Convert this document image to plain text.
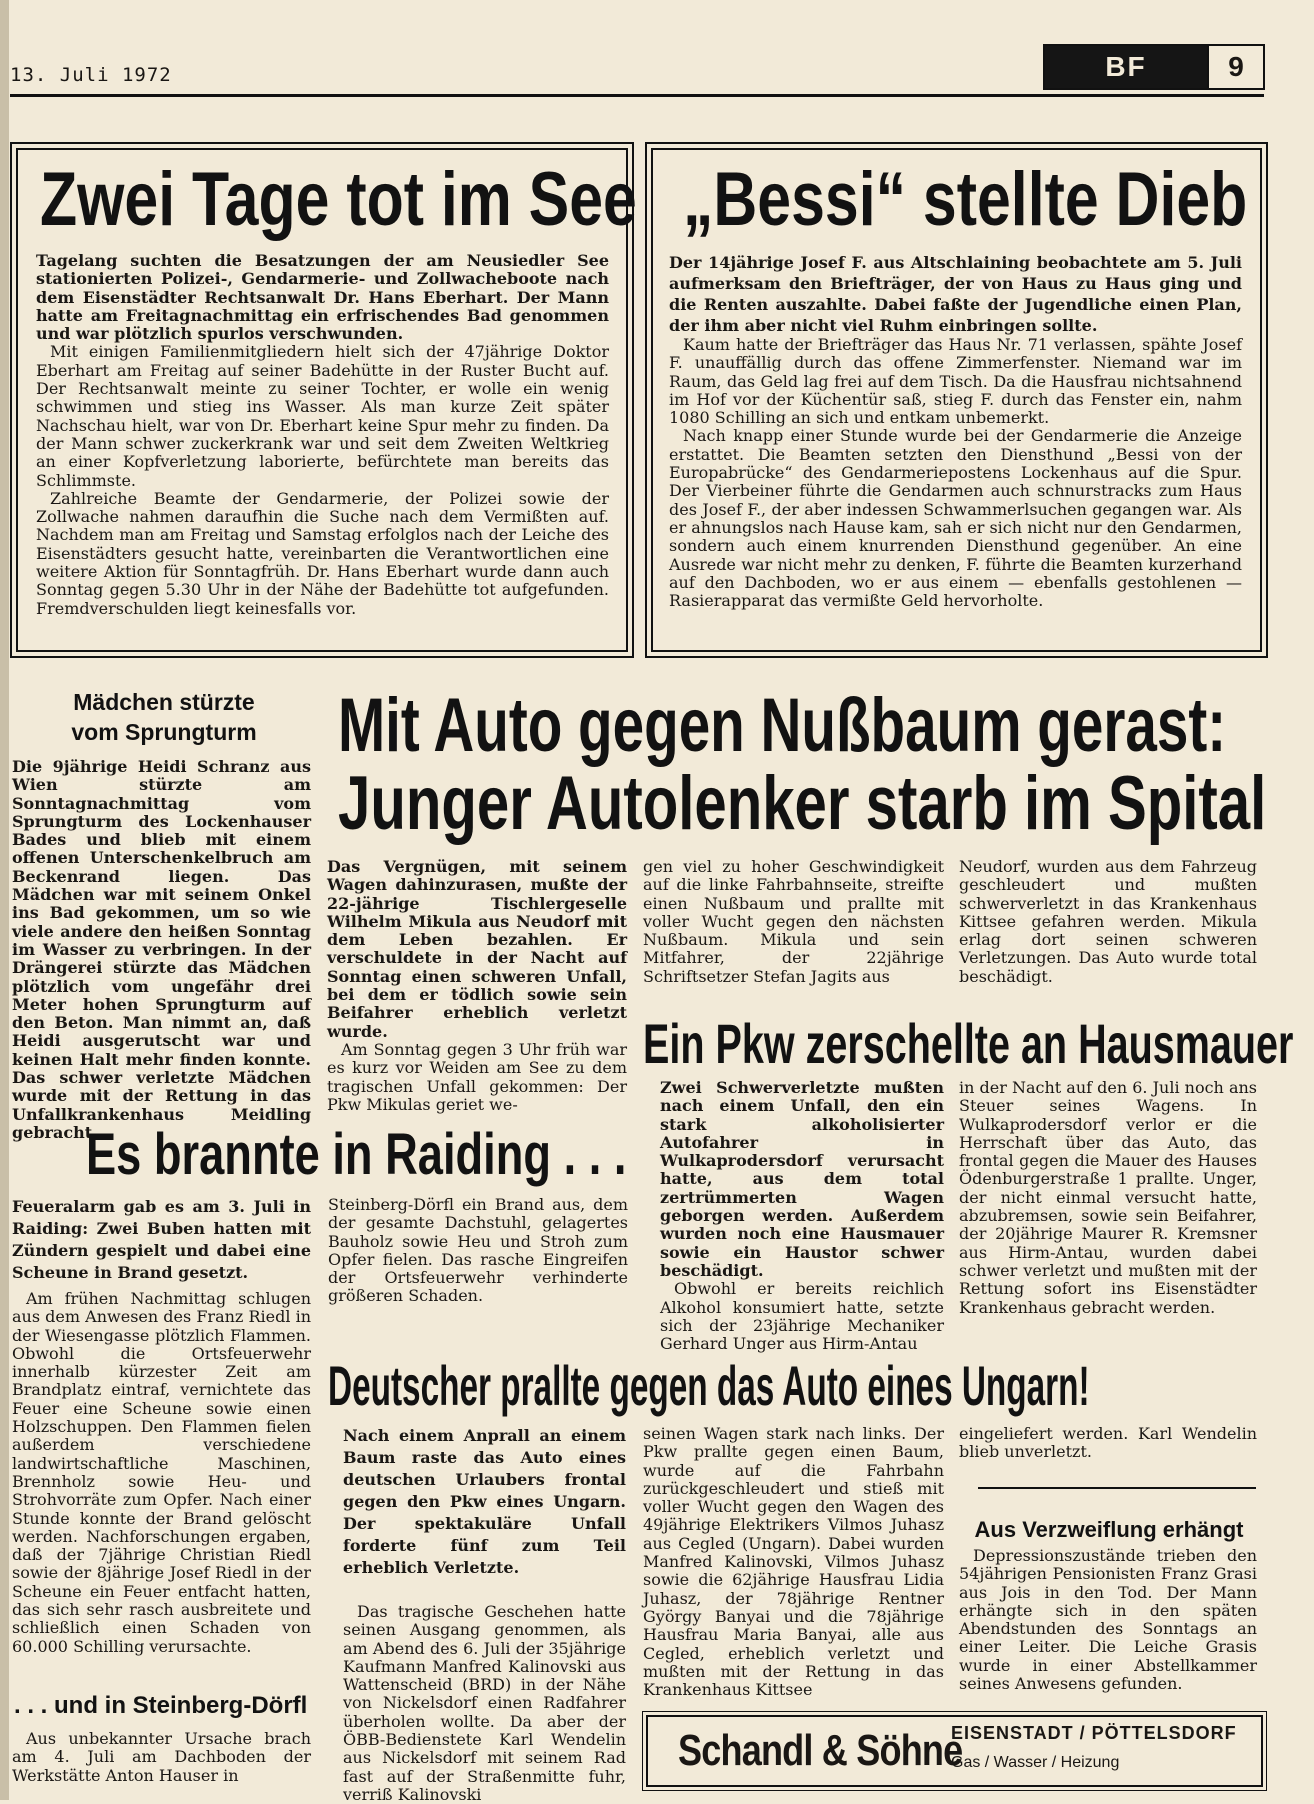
13. Juli 1972	BF	9
Zwei Tage tot im See

Tagelang suchten die Besatzungen der am Neusiedler See stationierten Polizei-, Gendarmerie- und Zollwacheboote nach dem Eisenstädter Rechtsanwalt Dr. Hans Eberhart. Der Mann hatte am Freitagnachmittag ein erfrischendes Bad genommen und war plötzlich spurlos verschwunden.

Mit einigen Familienmitgliedern hielt sich der 47jährige Doktor Eberhart am Freitag auf seiner Badehütte in der Ruster Bucht auf. Der Rechtsanwalt meinte zu seiner Tochter, er wolle ein wenig schwimmen und stieg ins Wasser. Als man kurze Zeit später Nachschau hielt, war von Dr. Eberhart keine Spur mehr zu finden. Da der Mann schwer zuckerkrank war und seit dem Zweiten Weltkrieg an einer Kopfverletzung laborierte, befürchtete man bereits das Schlimmste.

Zahlreiche Beamte der Gendarmerie, der Polizei sowie der Zollwache nahmen daraufhin die Suche nach dem Vermißten auf. Nachdem man am Freitag und Samstag erfolglos nach der Leiche des Eisenstädters gesucht hatte, vereinbarten die Verantwortlichen eine weitere Aktion für Sonntagfrüh. Dr. Hans Eberhart wurde dann auch Sonntag gegen 5.30 Uhr in der Nähe der Badehütte tot aufgefunden. Fremdverschulden liegt keinesfalls vor.

„Bessi“ stellte Dieb

Der 14jährige Josef F. aus Altschlaining beobachtete am 5. Juli aufmerksam den Briefträger, der von Haus zu Haus ging und die Renten auszahlte. Dabei faßte der Jugendliche einen Plan, der ihm aber nicht viel Ruhm einbringen sollte.

Kaum hatte der Briefträger das Haus Nr. 71 verlassen, spähte Josef F. unauffällig durch das offene Zimmerfenster. Niemand war im Raum, das Geld lag frei auf dem Tisch. Da die Hausfrau nichtsahnend im Hof vor der Küchentür saß, stieg F. durch das Fenster ein, nahm 1080 Schilling an sich und entkam unbemerkt.

Nach knapp einer Stunde wurde bei der Gendarmerie die Anzeige erstattet. Die Beamten setzten den Diensthund „Bessi von der Europabrücke“ des Gendarmeriepostens Lockenhaus auf die Spur. Der Vierbeiner führte die Gendarmen auch schnurstracks zum Haus des Josef F., der aber indessen Schwammerlsuchen gegangen war. Als er ahnungslos nach Hause kam, sah er sich nicht nur den Gendarmen, sondern auch einem knurrenden Diensthund gegenüber. An eine Ausrede war nicht mehr zu denken, F. führte die Beamten kurzerhand auf den Dachboden, wo er aus einem — ebenfalls gestohlenen — Rasierapparat das vermißte Geld hervorholte.

Mädchen stürzte
vom Sprungturm

Die 9jährige Heidi Schranz aus Wien stürzte am Sonntagnachmittag vom Sprungturm des Lockenhauser Bades und blieb mit einem offenen Unterschenkelbruch am Beckenrand liegen. Das Mädchen war mit seinem Onkel ins Bad gekommen, um so wie viele andere den heißen Sonntag im Wasser zu verbringen. In der Drängerei stürzte das Mädchen plötzlich vom ungefähr drei Meter hohen Sprungturm auf den Beton. Man nimmt an, daß Heidi ausgerutscht war und keinen Halt mehr finden konnte. Das schwer verletzte Mädchen wurde mit der Rettung in das Unfallkrankenhaus Meidling gebracht.

Mit Auto gegen Nußbaum gerast:
Junger Autolenker starb im Spital

Das Vergnügen, mit seinem Wagen dahinzurasen, mußte der 22-jährige Tischlergeselle Wilhelm Mikula aus Neudorf mit dem Leben bezahlen. Er verschuldete in der Nacht auf Sonntag einen schweren Unfall, bei dem er tödlich sowie sein Beifahrer erheblich verletzt wurde.

Am Sonntag gegen 3 Uhr früh war es kurz vor Weiden am See zu dem tragischen Unfall gekommen: Der Pkw Mikulas geriet we-

gen viel zu hoher Geschwindigkeit auf die linke Fahrbahnseite, streifte einen Nußbaum und prallte mit voller Wucht gegen den nächsten Nußbaum. Mikula und sein Mitfahrer, der 22jährige Schriftsetzer Stefan Jagits aus

Neudorf, wurden aus dem Fahrzeug geschleudert und mußten schwerverletzt in das Krankenhaus Kittsee gefahren werden. Mikula erlag dort seinen schweren Verletzungen. Das Auto wurde total beschädigt.

Ein Pkw zerschellte an Hausmauer

Zwei Schwerverletzte mußten nach einem Unfall, den ein stark alkoholisierter Autofahrer in Wulkaprodersdorf verursacht hatte, aus dem total zertrümmerten Wagen geborgen werden. Außerdem wurden noch eine Hausmauer sowie ein Haustor schwer beschädigt.

Obwohl er bereits reichlich Alkohol konsumiert hatte, setzte sich der 23jährige Mechaniker Gerhard Unger aus Hirm-Antau

in der Nacht auf den 6. Juli noch ans Steuer seines Wagens. In Wulkaprodersdorf verlor er die Herrschaft über das Auto, das frontal gegen die Mauer des Hauses Ödenburgerstraße 1 prallte. Unger, der nicht einmal versucht hatte, abzubremsen, sowie sein Beifahrer, der 20jährige Maurer R. Kremsner aus Hirm-Antau, wurden dabei schwer verletzt und mußten mit der Rettung sofort ins Eisenstädter Krankenhaus gebracht werden.

Es brannte in Raiding . . .

Feueralarm gab es am 3. Juli in Raiding: Zwei Buben hatten mit Zündern gespielt und dabei eine Scheune in Brand gesetzt.

Am frühen Nachmittag schlugen aus dem Anwesen des Franz Riedl in der Wiesengasse plötzlich Flammen. Obwohl die Ortsfeuerwehr innerhalb kürzester Zeit am Brandplatz eintraf, vernichtete das Feuer eine Scheune sowie einen Holzschuppen. Den Flammen fielen außerdem verschiedene landwirtschaftliche Maschinen, Brennholz sowie Heu- und Strohvorräte zum Opfer. Nach einer Stunde konnte der Brand gelöscht werden. Nachforschungen ergaben, daß der 7jährige Christian Riedl sowie der 8jährige Josef Riedl in der Scheune ein Feuer entfacht hatten, das sich sehr rasch ausbreitete und schließlich einen Schaden von 60.000 Schilling verursachte.

Steinberg-Dörfl ein Brand aus, dem der gesamte Dachstuhl, gelagertes Bauholz sowie Heu und Stroh zum Opfer fielen. Das rasche Eingreifen der Ortsfeuerwehr verhinderte größeren Schaden.

. . . und in Steinberg-Dörfl

Aus unbekannter Ursache brach am 4. Juli am Dachboden der Werkstätte Anton Hauser in

Deutscher prallte gegen das Auto eines Ungarn!

Nach einem Anprall an einem Baum raste das Auto eines deutschen Urlaubers frontal gegen den Pkw eines Ungarn. Der spektakuläre Unfall forderte fünf zum Teil erheblich Verletzte.

Das tragische Geschehen hatte seinen Ausgang genommen, als am Abend des 6. Juli der 35jährige Kaufmann Manfred Kalinovski aus Wattenscheid (BRD) in der Nähe von Nickelsdorf einen Radfahrer überholen wollte. Da aber der ÖBB-Bedienstete Karl Wendelin aus Nickelsdorf mit seinem Rad fast auf der Straßenmitte fuhr, verriß Kalinovski

seinen Wagen stark nach links. Der Pkw prallte gegen einen Baum, wurde auf die Fahrbahn zurückgeschleudert und stieß mit voller Wucht gegen den Wagen des 49jährige Elektrikers Vilmos Juhasz aus Cegled (Ungarn). Dabei wurden Manfred Kalinovski, Vilmos Juhasz sowie die 62jährige Hausfrau Lidia Juhasz, der 78jährige Rentner György Banyai und die 78jährige Hausfrau Maria Banyai, alle aus Cegled, erheblich verletzt und mußten mit der Rettung in das Krankenhaus Kittsee

eingeliefert werden. Karl Wendelin blieb unverletzt.

Aus Verzweiflung erhängt

Depressionszustände trieben den 54jährigen Pensionisten Franz Grasi aus Jois in den Tod. Der Mann erhängte sich in den späten Abendstunden des Sonntags an einer Leiter. Die Leiche Grasis wurde in einer Abstellkammer seines Anwesens gefunden.

Schandl & Söhne
EISENSTADT / PÖTTELSDORF
Gas / Wasser / Heizung
